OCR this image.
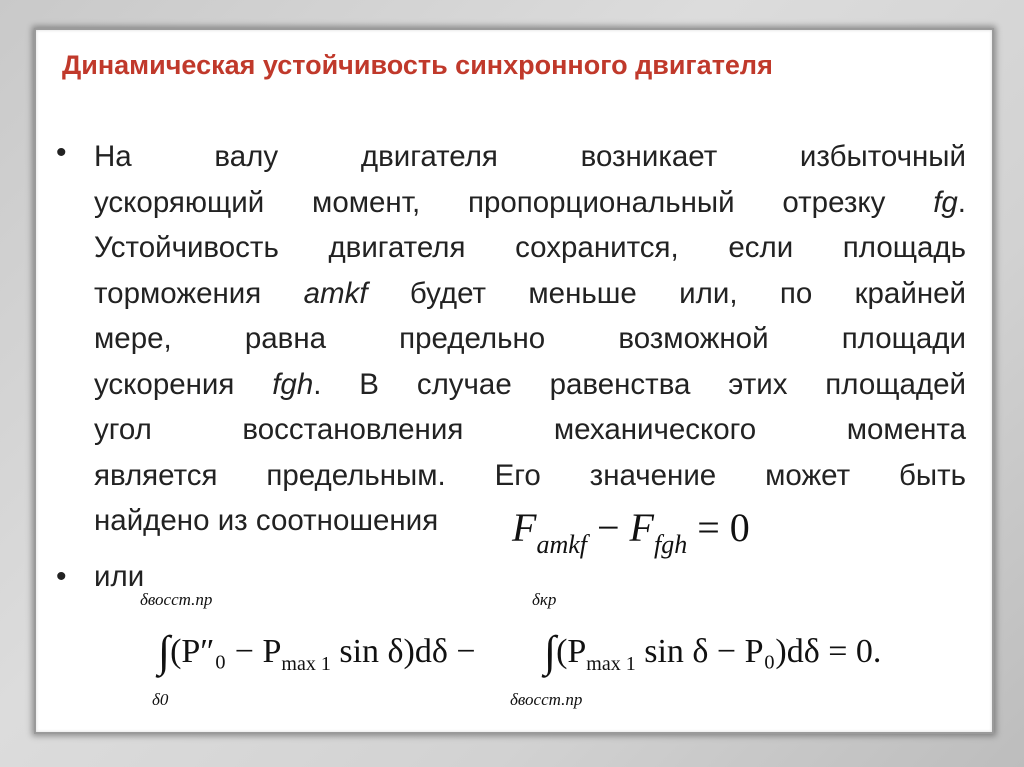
Динамическая устойчивость синхронного двигателя
• На валу двигателя возникает избыточный
ускоряющий момент, пропорциональный отрезку fg.
Устойчивость двигателя сохранится, если площадь
торможения amkf будет меньше или, по крайней
мере, равна предельно возможной площади
ускорения fgh. В случае равенства этих площадей
угол восстановления механического момента
является предельным. Его значение может быть
найдено из соотношения	$F_{amkf} - F_{fgh} = 0$
• или
δвосст.пр
δ0
δкр
δвосст.пр
$\int(P''_0 - P_{max 1}$ $\sin \delta)d\delta - \int(P_{max 1}$ sin δ − P₀)dδ = 0.
